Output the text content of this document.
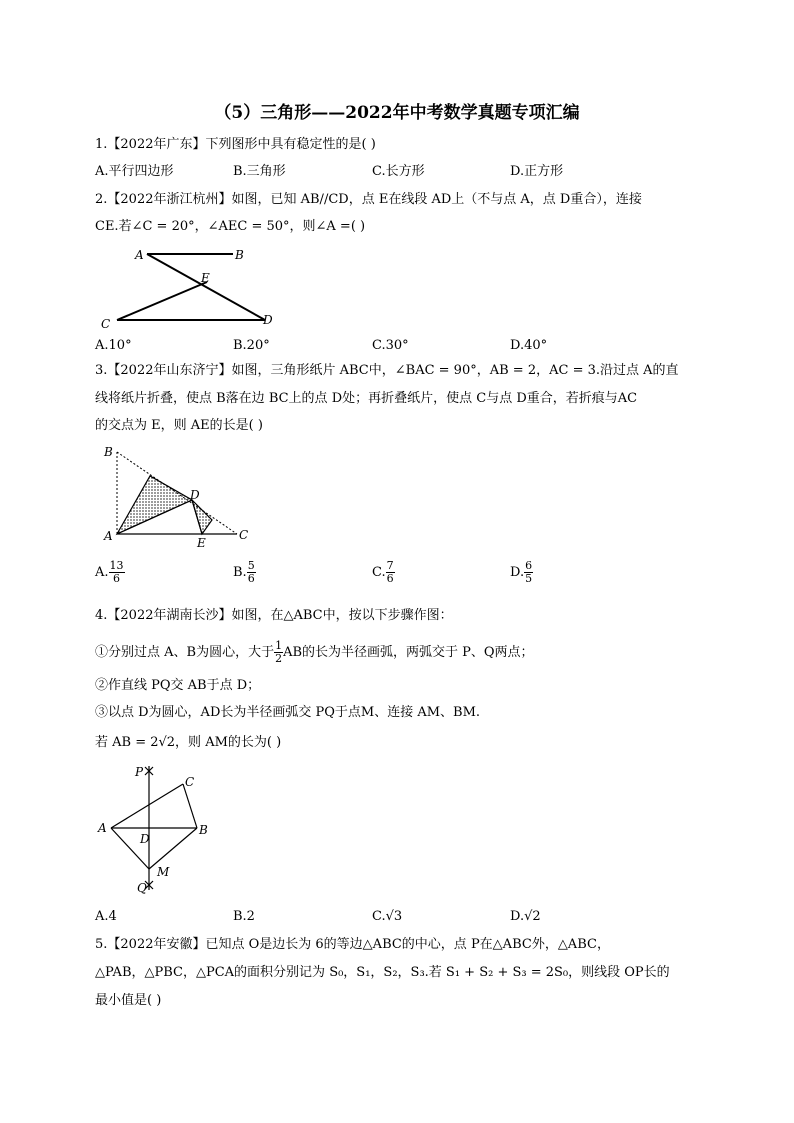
（5）三角形——2022年中考数学真题专项汇编
1.【2022年广东】下列图形中具有稳定性的是( )
A.平行四边形	B.三角形	C.长方形	D.正方形
2.【2022年浙江杭州】如图，已知 AB//CD，点 E在线段 AD上（不与点 A，点 D重合），连接
CE.若∠C = 20°，∠AEC = 50°，则∠A =( )
A	B
E
C	D
A.10°	B.20°	C.30°	D.40°
3.【2022年山东济宁】如图，三角形纸片 ABC中，∠BAC = 90°，AB = 2，AC = 3.沿过点 A的直
线将纸片折叠，使点 B落在边 BC上的点 D处；再折叠纸片，使点 C与点 D重合，若折痕与AC
的交点为 E，则 AE的长是( )
B
D
A	E
C
A. $\frac{13}{6}$	B. $\frac{5}{6}$	C. $\frac{7}{6}$	D. $\frac{6}{5}$
4.【2022年湖南长沙】如图，在△ABC中，按以下步骤作图：
①分别过点 A、B为圆心，大于 $\frac{1}{2}$ AB的长为半径画弧，两弧交于 P、Q两点；
②作直线 PQ交 AB于点 D；
③以点 D为圆心，AD长为半径画弧交 PQ于点M、连接 AM、BM.
若 AB = 2√2，则 AM的长为( )
P
C
A
D
B
M
Q
A.4	B.2	C.√3	D.√2
5.【2022年安徽】已知点 O是边长为 6的等边△ABC的中心，点 P在△ABC外，△ABC，
△PAB，△PBC，△PCA的面积分别记为 S₀，S₁，S₂，S₃.若 S₁ + S₂ + S₃ = 2S₀，则线段 OP长的
最小值是( )
